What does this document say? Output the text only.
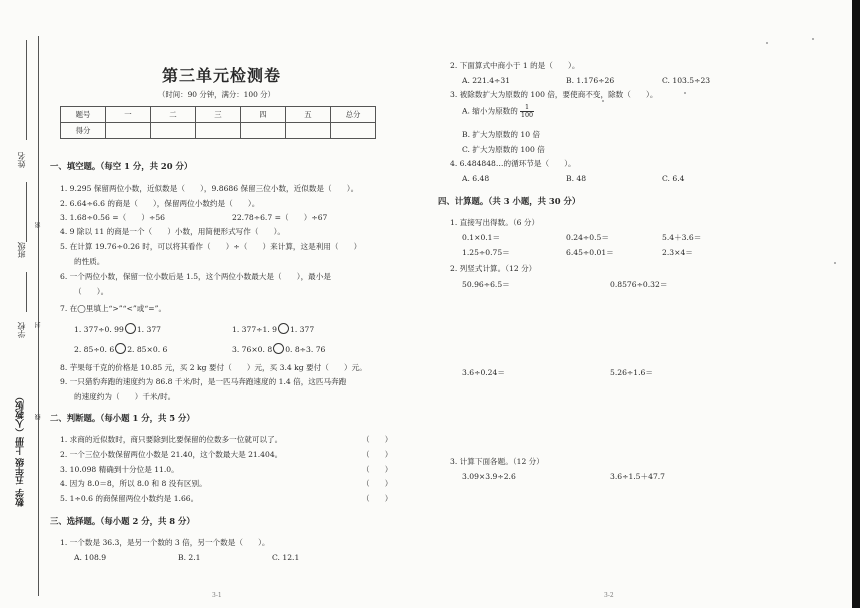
姓名
班级
学校
密
封
线
数学 五年级 上册（人教版）
第三单元检测卷
（时间：90 分钟，满分：100 分）
题号	一	二	三	四	五	总分
得分						
一、填空题。（每空 1 分，共 20 分）
1. 9.295 保留两位小数，近似数是（　　），9.8686 保留三位小数，近似数是（　　）。
2. 6.64÷6.6 的商是（　　），保留两位小数约是（　　）。
3. 1.68÷0.56 =（　　）÷56	22.78÷6.7 =（　　）÷67
4. 9 除以 11 的商是一个（　　）小数，用简便形式写作（　　）。
5. 在计算 19.76÷0.26 时，可以将其看作（　　）÷（　　）来计算，这是利用（　　）
的性质。
6. 一个两位小数，保留一位小数后是 1.5，这个两位小数最大是（　　），最小是
（　　）。
7. 在◯里填上“>”“<”或“=”。
1. 377÷0. 99 1. 377	1. 377÷1. 9 1. 377
2. 85÷0. 6 2. 85×0. 6	3. 76×0. 8 0. 8÷3. 76
8. 芋果每千克的价格是 10.85 元，买 2 kg 要付（　　）元，买 3.4 kg 要付（　　）元。
9. 一只猎豹奔跑的速度约为 86.8 千米/时，是一匹马奔跑速度的 1.4 倍，这匹马奔跑
的速度约为（　　）千米/时。
二、判断题。（每小题 1 分，共 5 分）
1. 求商的近似数时，商只要除到比要保留的位数多一位就可以了。	（　　）
2. 一个三位小数保留两位小数是 21.40，这个数最大是 21.404。	（　　）
3. 10.098 精确到十分位是 11.0。	（　　）
4. 因为 8.0＝8，所以 8.0 和 8 没有区别。	（　　）
5. 1÷0.6 的商保留两位小数约是 1.66。	（　　）
三、选择题。（每小题 2 分，共 8 分）
1. 一个数是 36.3，是另一个数的 3 倍，另一个数是（　　）。
A. 108.9	B. 2.1	C. 12.1
3-1
2. 下面算式中商小于 1 的是（　　）。
A. 221.4÷31	B. 1.176÷26	C. 103.5÷23
3. 被除数扩大为原数的 100 倍，要使商不变，除数（　　）。
A. 缩小为原数的 $\frac{1}{100}$
B. 扩大为原数的 10 倍
C. 扩大为原数的 100 倍
4. 6.484848…的循环节是（　　）。
A. 6.48	B. 48	C. 6.4
四、计算题。（共 3 小题，共 30 分）
1. 直接写出得数。（6 分）
0.1×0.1＝	0.24÷0.5＝	5.4＋3.6＝
1.25÷0.75＝	6.45÷0.01＝	2.3×4＝
2. 列竖式计算。（12 分）
50.96÷6.5＝	0.8576÷0.32＝
3.6÷0.24＝	5.26÷1.6＝
3. 计算下面各题。（12 分）
3.09×3.9÷2.6	3.6÷1.5＋47.7
3-2
